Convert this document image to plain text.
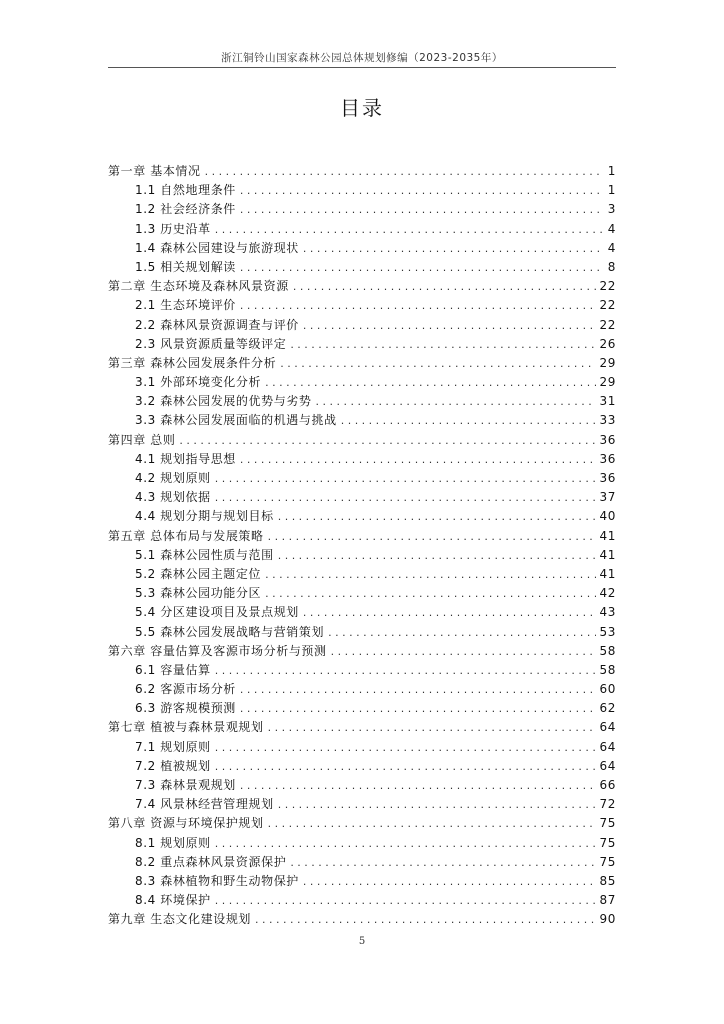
浙江铜铃山国家森林公园总体规划修编（2023-2035年）
目录
第一章 基本情况 . . .	1
1.1 自然地理条件 . . .	1
1.2 社会经济条件 . . .	3
1.3 历史沿革 . . .	4
1.4 森林公园建设与旅游现状 . . .	4
1.5 相关规划解读 . . .	8
第二章 生态环境及森林风景资源 . . .	22
2.1 生态环境评价 . . .	22
2.2 森林风景资源调查与评价 . . .	22
2.3 风景资源质量等级评定 . . .	26
第三章 森林公园发展条件分析 . . .	29
3.1 外部环境变化分析 . . .	29
3.2 森林公园发展的优势与劣势 . . .	31
3.3 森林公园发展面临的机遇与挑战 . . .	33
第四章 总则 . . .	36
4.1 规划指导思想 . . .	36
4.2 规划原则 . . .	36
4.3 规划依据 . . .	37
4.4 规划分期与规划目标 . . .	40
第五章 总体布局与发展策略 . . .	41
5.1 森林公园性质与范围 . . .	41
5.2 森林公园主题定位 . . .	41
5.3 森林公园功能分区 . . .	42
5.4 分区建设项目及景点规划 . . .	43
5.5 森林公园发展战略与营销策划 . . .	53
第六章 容量估算及客源市场分析与预测 . . .	58
6.1 容量估算 . . .	58
6.2 客源市场分析 . . .	60
6.3 游客规模预测 . . .	62
第七章 植被与森林景观规划 . . .	64
7.1 规划原则 . . .	64
7.2 植被规划 . . .	64
7.3 森林景观规划 . . .	66
7.4 风景林经营管理规划 . . .	72
第八章 资源与环境保护规划 . . .	75
8.1 规划原则 . . .	75
8.2 重点森林风景资源保护 . . .	75
8.3 森林植物和野生动物保护 . . .	85
8.4 环境保护 . . .	87
第九章 生态文化建设规划 . . .	90
5
